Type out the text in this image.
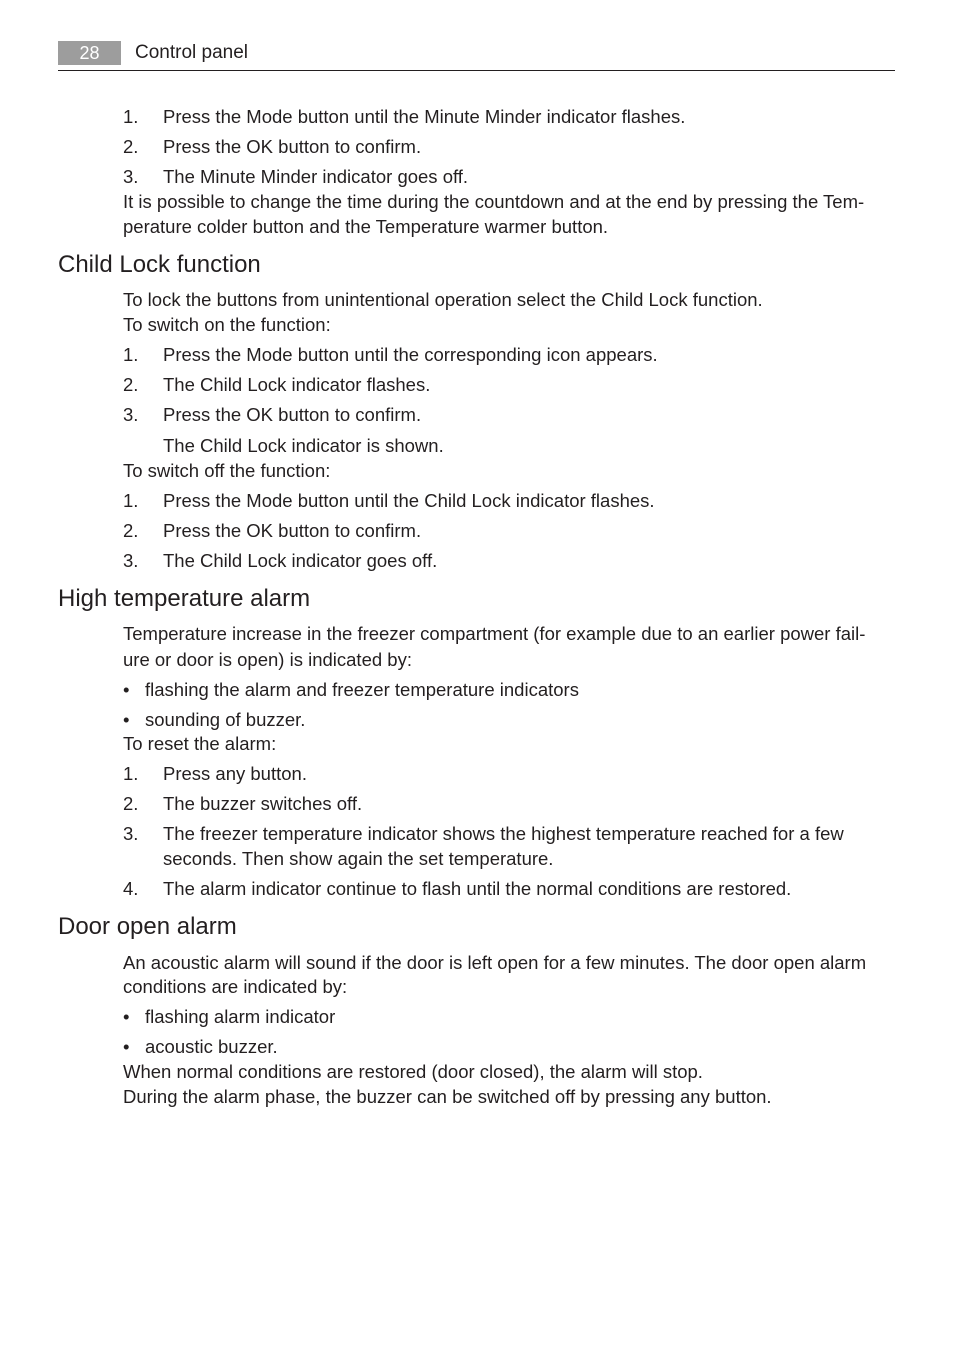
28	Control panel
1. Press the Mode button until the Minute Minder indicator flashes.
2. Press the OK button to confirm.
3. The Minute Minder indicator goes off.
It is possible to change the time during the countdown and at the end by pressing the Tem-
perature colder button and the Temperature warmer button.
Child Lock function
To lock the buttons from unintentional operation select the Child Lock function.
To switch on the function:
1. Press the Mode button until the corresponding icon appears.
2. The Child Lock indicator flashes.
3. Press the OK button to confirm.
The Child Lock indicator is shown.
To switch off the function:
1. Press the Mode button until the Child Lock indicator flashes.
2. Press the OK button to confirm.
3. The Child Lock indicator goes off.
High temperature alarm
Temperature increase in the freezer compartment (for example due to an earlier power fail-
ure or door is open) is indicated by:
• flashing the alarm and freezer temperature indicators
• sounding of buzzer.
To reset the alarm:
1. Press any button.
2. The buzzer switches off.
3. The freezer temperature indicator shows the highest temperature reached for a few
seconds. Then show again the set temperature.
4. The alarm indicator continue to flash until the normal conditions are restored.
Door open alarm
An acoustic alarm will sound if the door is left open for a few minutes. The door open alarm
conditions are indicated by:
• flashing alarm indicator
• acoustic buzzer.
When normal conditions are restored (door closed), the alarm will stop.
During the alarm phase, the buzzer can be switched off by pressing any button.
